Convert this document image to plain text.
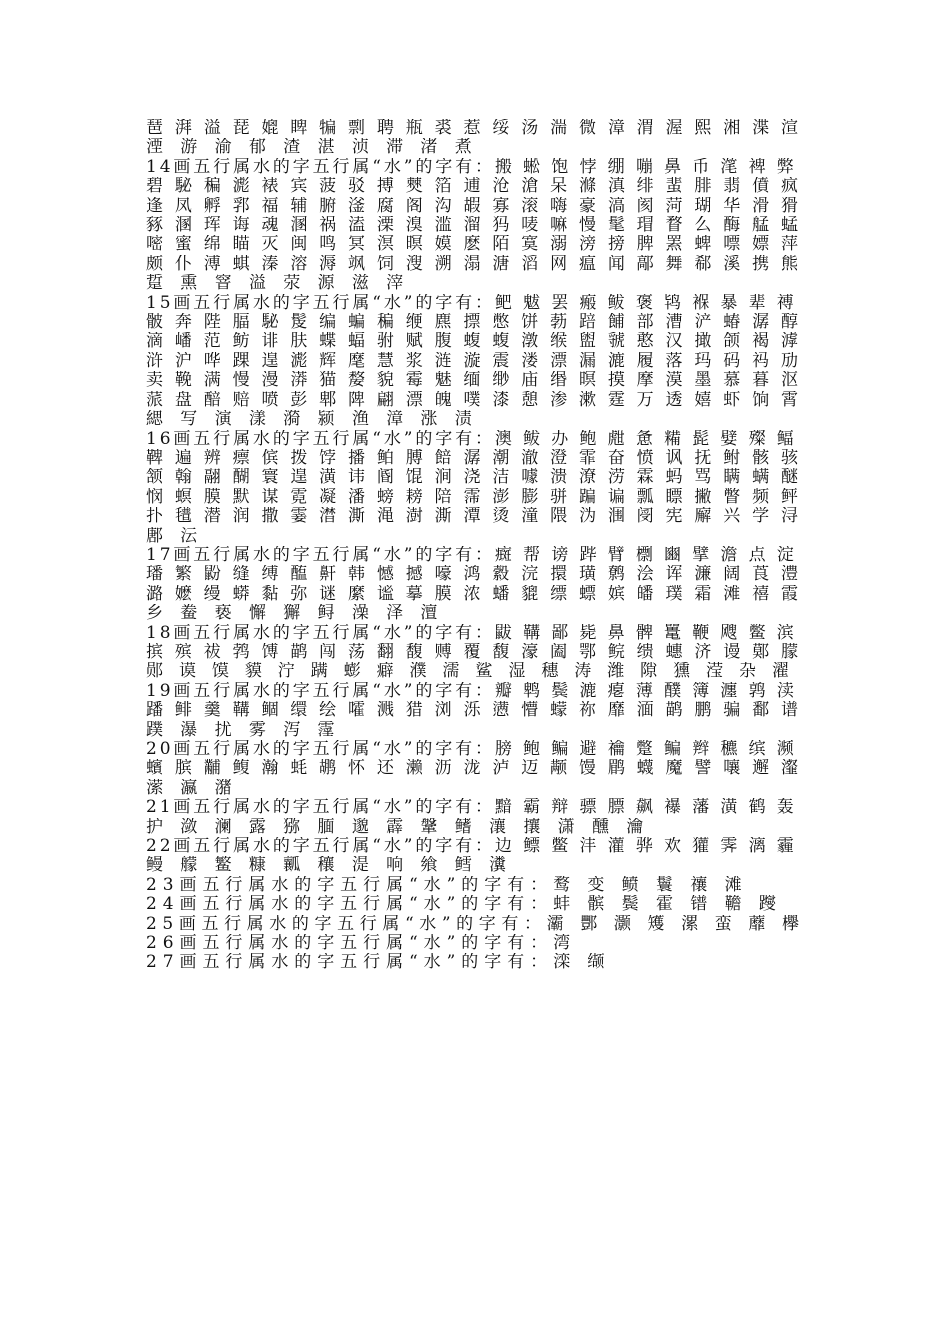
琶 湃 溢 琵 媲 睥 犏 剽 聘 瓶 裘 惹 绥 汤 湍 微 漳 渭 渥 熙 湘 渫 渲
湮 游 渝 郁 渣 湛 浈 滞 渚 煮
14画五行属水的字五行属“水”的字有：搬 蜙 饱 悖 绷 嘣 鼻 币 滗 裨 弊
碧 駜 稨 滮 裱 宾 菠 驳 搏 僰 箔 逋 沧 滄 呆 滌 滇 绯 蜚 腓 翡 僨 疯
逢 凤 孵 郛 福 辅 腑 滏 腐 阁 沟 嘏 寡 滚 嗨 豪 滈 阂 菏 瑚 华 滑 猾
豩 溷 珲 诲 魂 溷 祸 溘 溧 溴 滥 溜 犸 唛 嘛 慢 髦 瑁 瞀 么 酶 艋 蜢
嘧 蜜 绵 瞄 灭 闽 鸣 冥 溟 暝 嫫 麽 陌 寞 溺 滂 搒 脾 罴 蜱 嘌 嫖 萍
颇 仆 溥 蜞 溱 溶 溽 飒 饲 溲 溯 溻 溏 滔 网 瘟 闻 鄗 舞 郗 溪 携 熊
踅 熏 窨 溢 荥 源 滋 滓
15画五行属水的字五行属“水”的字有：鲃 魃 罢 瘢 鲅 褒 鸨 褓 暴 辈 禣
骳 奔 陛 腷 駜 髲 编 蝙 稨 缏 麃 摽 憋 饼 葧 踣 餔 部 漕 浐 蝽 潺 醇
滴 嶓 范 鲂 诽 肤 蝶 蝠 驸 赋 腹 蝮 蝮 潡 缑 盥 虢 憨 汉 撖 颌 褐 滹
浒 沪 哗 踝 遑 滮 辉 麾 慧 浆 涟 漩 震 溇 漂 漏 漉 履 落 玛 码 祃 劢
卖 鞔 满 慢 漫 漭 猫 嫠 貌 霉 魅 缅 缈 庙 缗 暝 摸 摩 漠 墨 慕 暮 沤
蒎 盘 醅 赔 喷 彭 郫 陴 翩 漂 魄 噗 漆 憩 渗 漱 霆 万 透 嬉 虾 饷 霄
緦 写 演 漾 漪 颍 渔 漳 涨 渍
16画五行属水的字五行属“水”的字有：澳 鲅 办 鲍 甝 惫 糒 髭 嬖 殩 鲾
鞞 遍 辨 瘭 傧 拨 饽 播 鲌 膊 餢 潺 潮 澈 澄 霏 奋 愤 讽 抚 鲋 骸 骇
颔 翰 翮 醐 寰 遑 潢 讳 阍 馄 涧 浇 洁 噱 溃 潦 涝 霖 蚂 骂 瞒 螨 醚
悯 螟 膜 默 谋 霓 凝 潘 螃 耪 陪 霈 澎 膨 骈 蹁 谝 瓢 瞟 撇 瞥 频 鲆
扑 氆 潜 润 撒 霎 澘 澌 渑 澍 澌 潭 烫 潼 隈 沩 涠 阌 宪 廨 兴 学 浔
鄌 沄
17画五行属水的字五行属“水”的字有：癍 帮 谤 跸 臂 檦 豳 擘 澹 点 淀
璠 繁 鼢 缝 缚 醢 鼾 韩 憾 撼 嚎 鸿 縠 浣 擐 璜 鹩 浍 诨 濂 阔 莨 澧
潞 嬷 缦 蟒 黏 弥 谜 縻 谧 摹 膜 浓 蟠 貔 缥 螵 嫔 皤 璞 霜 滩 禧 霞
乡 鲞 亵 懈 獬 鲟 澡 泽 澶
18画五行属水的字五行属“水”的字有：鼥 鞲 鄙 毙 鼻 髀 鼍 鞭 飕 鳖 滨
摈 殡 祓 鹁 馎 鹋 闯 荡 翻 馥 赙 覆 馥 濠 阖 鄂 鲩 缋 蟪 济 谩 鄚 朦
郧 谟 馍 貘 泞 蹒 蟛 癖 濮 濡 鲨 湿 穗 涛 潍 隙 獯 滢 杂 濯
19画五行属水的字五行属“水”的字有：瓣 鹎 鬓 漉 瘪 薄 醭 簿 瀍 鹑 渎
蹯 鲱 羹 鞲 鲴 缳 绘 嚯 溅 猎 浏 泺 懑 懵 蠓 祢 靡 湎 鹋 鹏 骗 鄱 谱
蹼 瀑 扰 雾 泻 霪
20画五行属水的字五行属“水”的字有：膀 鲍 鳊 避 禴 蹩 鳊 辫 穮 缤 濒
蠙 膑 黼 鳆 瀚 蚝 鹕 怀 还 濑 沥 泷 泸 迈 颟 馒 鹛 蠛 魔 譬 嚷 邂 瀣
潆 瀛 潴
21画五行属水的字五行属“水”的字有：黯 霸 辩 骠 膘 飙 襮 藩 潢 鹤 轰
护 潋 澜 露 猕 腼 邈 霹 鞶 鳍 瀼 攘 潇 醺 瀹
22画五行属水的字五行属“水”的字有：边 鳔 鳖 沣 灌 骅 欢 獾 霁 漓 霾
鳗 艨 鳘 糠 瓤 穰 湜 响 飨 鳕 瀵
23画五行属水的字五行属“水”的字有：鹜 变 鲼 鬟 禳 滩
24画五行属水的字五行属“水”的字有：蚌 髌 鬓 霍 镨 韂 躞
25画五行属水的字五行属“水”的字有：灞 酆 灏 矱 漯 蛮 蘼 欅
26画五行属水的字五行属“水”的字有：湾
27画五行属水的字五行属“水”的字有：滦 缬
